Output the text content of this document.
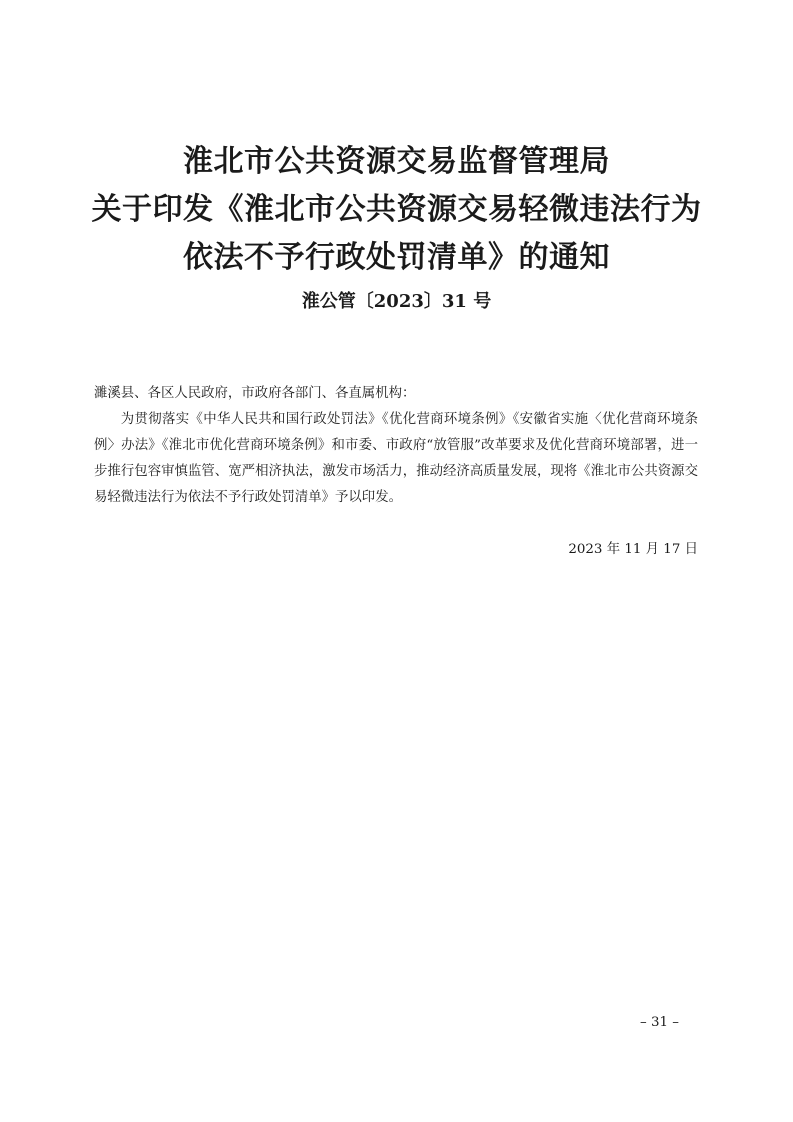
淮北市公共资源交易监督管理局
关于印发《淮北市公共资源交易轻微违法行为
依法不予行政处罚清单》的通知
淮公管〔2023〕31 号

濉溪县、各区人民政府，市政府各部门、各直属机构：

为贯彻落实《中华人民共和国行政处罚法》《优化营商环境条例》《安徽省实施〈优化营商环境条例〉办法》《淮北市优化营商环境条例》和市委、市政府“放管服”改革要求及优化营商环境部署，进一步推行包容审慎监管、宽严相济执法，激发市场活力，推动经济高质量发展，现将《淮北市公共资源交易轻微违法行为依法不予行政处罚清单》予以印发。

2023 年 11 月 17 日
– 31 –
